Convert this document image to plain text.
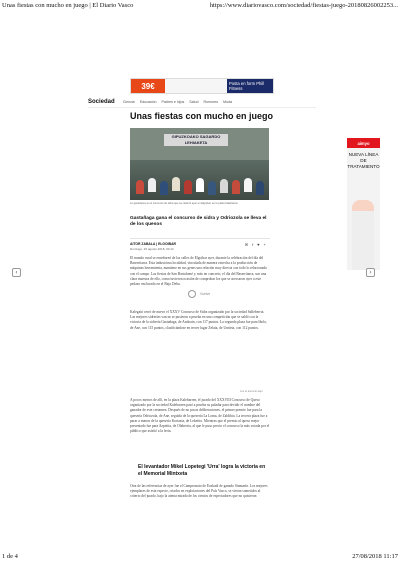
Unas fiestas con mucho en juego | El Diario Vasco	https://www.diariovasco.com/sociedad/fiestas-juego-20180826002253...
39€	Posta en form Phill Fitness
Sociedad Ciencia Educación Padres e hijos Salud Rumores Moda
Unas fiestas con mucho en juego
GIPUZKOAKO SAGARDO LEHIAKETA
Lo ganadores en el concurso de sidra que se celebró ayer en Elgoibar, en la plaza Kalebarren.
Gastañaga gana el concurso de sidra y Odriozola se lleva el de los quesos
AITOR ZABALA | ELGOIBAR
Domingo, 26 agosto 2018, 00:14
✉ f ♥ +

El mundo rural se enseñoreó de las calles de Elgoibar ayer, durante la celebración del día del Baserritarra. Esta industriosa localidad, vinculada de manera estrecha a la producción de máquinas herramienta, mantiene en sus genes una relación muy directa con todo lo relacionado con el campo. Las fiestas de San Bartolomé y, más en concreto, el día del Baserritarra, son una clara muestra de ello, como tuvieron ocasión de comprobar los que se acercaron ayer a este pedazo enclavado en el Bajo Deba.

Kalegain cerró de nuevo el XXXV Concurso de Sidra organizado por la sociedad Salleberria. Las mejores sidrerías vascas se pusieron a prueba en una competición que se saldó con la victoria de la sidrería Gastañaga, de Andoain, con 117 puntos. La segunda plaza fue para Iñola, de Ane, con 115 puntos, clasificándose en tercer lugar Zelaia, de Urnieta, con 112 puntos.

Vuelve
Los tu anuncio aquí

A pocos metros de allí, en la plaza Kalebarren, el jurado del XXXVIII Concurso de Queso organizado por la sociedad Kalebarren pasó a prueba su paladar para decidir el nombre del ganador de este certamen. Después de no pocas deliberaciones, el primer premio fue para la quesería Odriozola, de Ane, seguida de la quesería La Loma, de Zaldibia. La tercera plaza fue a parar a manos de la quesería Kortazia, de Lekeitio. Mientras que el premio al queso mejor presentado fue para Azpeitia, de Olaberria, al que le puso precio el concurso la más votada por el público que asistió a la feria.

El levantador Mikel Lopetegi 'Urra' logra la victoria en el Memorial Mintxeta

Otra de las referencias de ayer fue el Campeonato de Euskadi de ganado Sinmarín. Los mejores ejemplares de esta especie, criados en explotaciones del País Vasco, se vieron sometidos al criterio del jurado, bajo la atenta mirada de los cientos de espectadores que no quisieron

aimyo
NUEVA LÍNEA DE TRATAMIENTO
‹	›
1 de 4	27/08/2018 11:17
